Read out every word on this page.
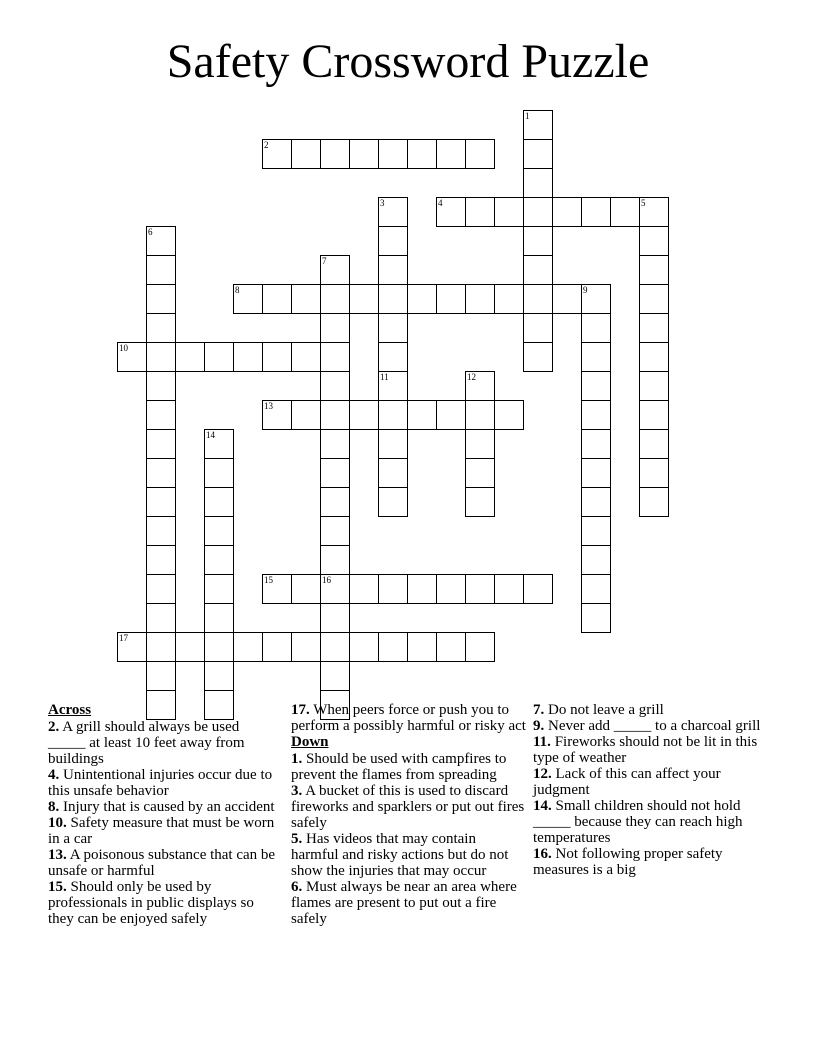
Safety Crossword Puzzle
1
2
3	4	5
6
7
8	9
10
11	12
13
14
15	16
17
Across
2. A grill should always be used _____ at least 10 feet away from buildings
4. Unintentional injuries occur due to this unsafe behavior
8. Injury that is caused by an accident
10. Safety measure that must be worn in a car
13. A poisonous substance that can be unsafe or harmful
15. Should only be used by professionals in public displays so they can be enjoyed safely
17. When peers force or push you to perform a possibly harmful or risky act
Down
1. Should be used with campfires to prevent the flames from spreading
3. A bucket of this is used to discard fireworks and sparklers or put out fires safely
5. Has videos that may contain harmful and risky actions but do not show the injuries that may occur
6. Must always be near an area where flames are present to put out a fire safely
7. Do not leave a grill
9. Never add _____ to a charcoal grill
11. Fireworks should not be lit in this type of weather
12. Lack of this can affect your judgment
14. Small children should not hold _____ because they can reach high temperatures
16. Not following proper safety measures is a big
